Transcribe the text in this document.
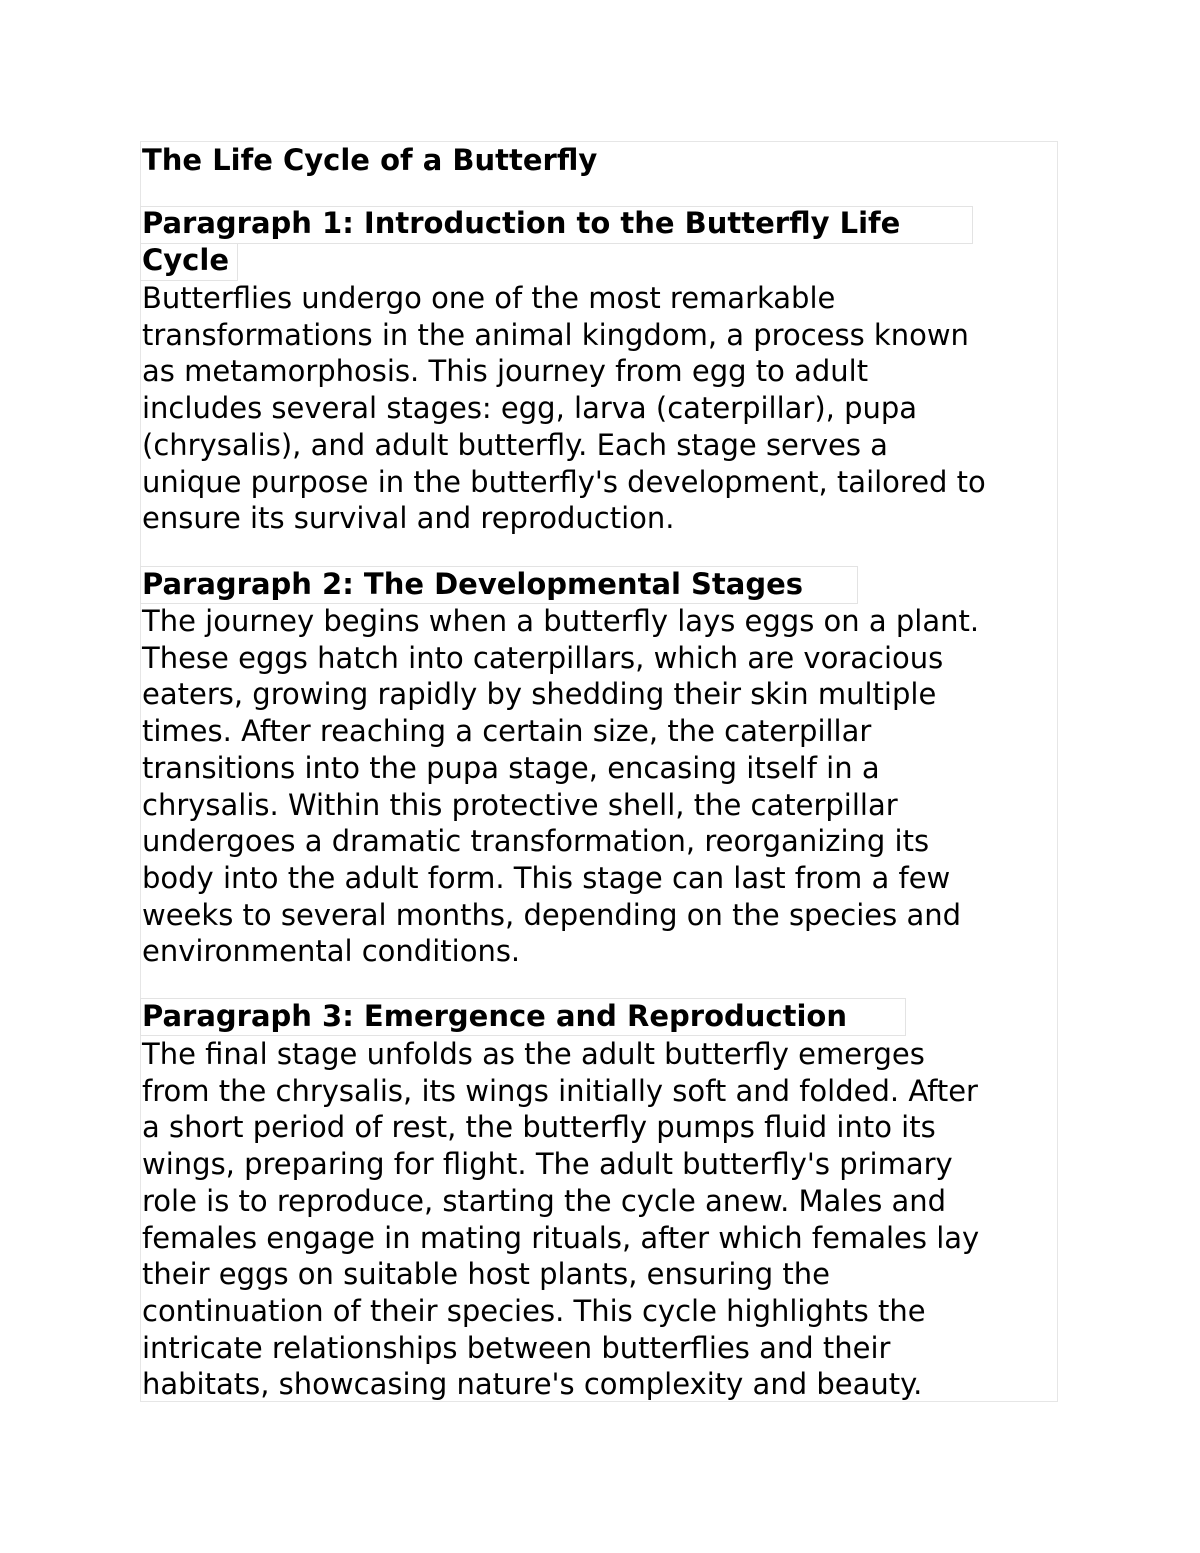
The Life Cycle of a Butterfly
Paragraph 1: Introduction to the Butterfly Life
Cycle
Butterflies undergo one of the most remarkable
transformations in the animal kingdom, a process known
as metamorphosis. This journey from egg to adult
includes several stages: egg, larva (caterpillar), pupa
(chrysalis), and adult butterfly. Each stage serves a
unique purpose in the butterfly's development, tailored to
ensure its survival and reproduction.
Paragraph 2: The Developmental Stages
The journey begins when a butterfly lays eggs on a plant.
These eggs hatch into caterpillars, which are voracious
eaters, growing rapidly by shedding their skin multiple
times. After reaching a certain size, the caterpillar
transitions into the pupa stage, encasing itself in a
chrysalis. Within this protective shell, the caterpillar
undergoes a dramatic transformation, reorganizing its
body into the adult form. This stage can last from a few
weeks to several months, depending on the species and
environmental conditions.
Paragraph 3: Emergence and Reproduction
The final stage unfolds as the adult butterfly emerges
from the chrysalis, its wings initially soft and folded. After
a short period of rest, the butterfly pumps fluid into its
wings, preparing for flight. The adult butterfly's primary
role is to reproduce, starting the cycle anew. Males and
females engage in mating rituals, after which females lay
their eggs on suitable host plants, ensuring the
continuation of their species. This cycle highlights the
intricate relationships between butterflies and their
habitats, showcasing nature's complexity and beauty.
